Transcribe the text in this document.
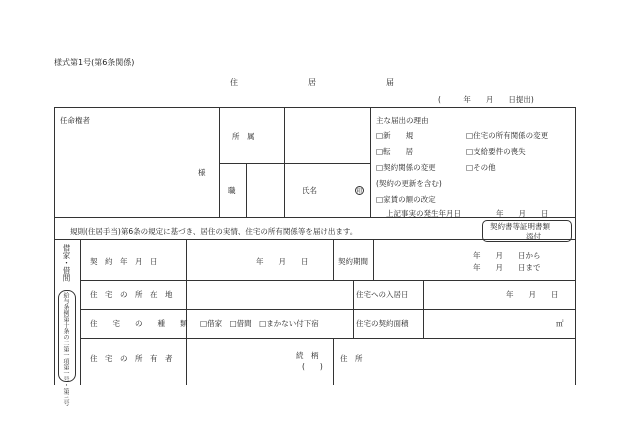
様式第1号(第6条関係)
住	居	届
(　　　年　　月　　日提出)
任命権者
様
所　属
職	氏名	印
主な届出の理由
□新　　規	□住宅の所有関係の変更
□転　　居	□支給要件の喪失
□契約関係の変更	□その他
(契約の更新を含む)
□家賃の額の改定
上記事実の発生年月日	年　　月　　日
規則(住居手当)第6条の規定に基づき、居住の実情、住宅の所有関係等を届け出ます。
契約書等証明書類
添付
契　約　年　月　日	年　　月　　日	契約期間
年　　月　　日から
年　　月　　日まで
住　宅　の　所　在　地	住宅への入居日	年　　月　　日
住　　宅　　の　　種　　類 □借家　□借間　□まかない付下宿	住宅の契約面積	㎡
住　宅　の　所　有　者	続　柄
(　　)
住　所
借家・借間
給与条例第十条の二第一項第一号・第三号
